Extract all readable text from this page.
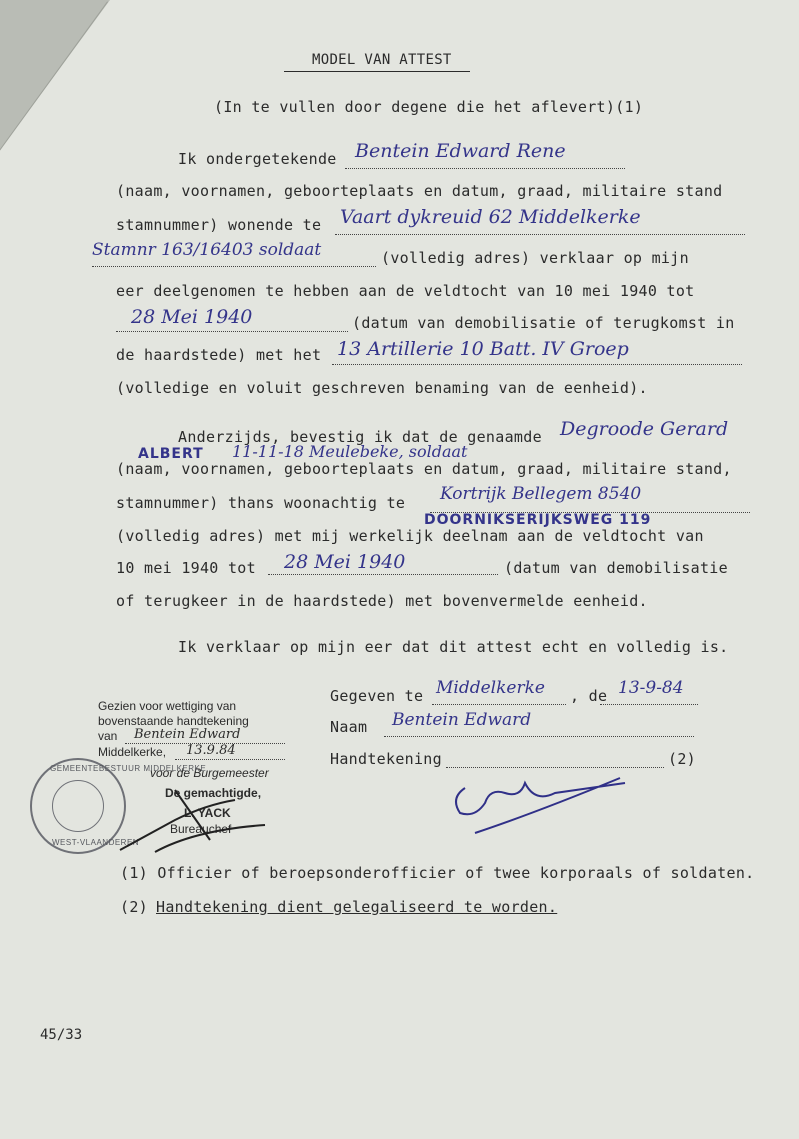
MODEL VAN ATTEST
(In te vullen door degene die het aflevert)(1)
Ik ondergetekende Bentein Edward Rene
(naam, voornamen, geboorteplaats en datum, graad, militaire stand
stamnummer) wonende te Vaart dykreuid 62 Middelkerke
Stamnr 163/16403 soldaat	(volledig adres) verklaar op mijn
eer deelgenomen te hebben aan de veldtocht van 10 mei 1940 tot
28 Mei 1940	(datum van demobilisatie of terugkomst in
de haardstede) met het 13 Artillerie 10 Batt. IV Groep
(volledige en voluit geschreven benaming van de eenheid).
Anderzijds, bevestig ik dat de genaamde Degroode Gerard
ALBERT 11-11-18 Meulebeke, soldaat
(naam, voornamen, geboorteplaats en datum, graad, militaire stand,
stamnummer) thans woonachtig te Kortrijk Bellegem 8540
DOORNIKSERIJKSWEG 119
(volledig adres) met mij werkelijk deelnam aan de veldtocht van
10 mei 1940 tot 28 Mei 1940	(datum van demobilisatie
of terugkeer in de haardstede) met bovenvermelde eenheid.
Ik verklaar op mijn eer dat dit attest echt en volledig is.
Gezien voor wettiging van
bovenstaande handtekening
van Bentein Edward
Middelkerke, 13.9.84
voor de Burgemeester
De gemachtigde,
L. YACK
Bureauchef
GEMEENTEBESTUUR MIDDELKERKE
WEST-VLAANDEREN
Gegeven te Middelkerke , de 13-9-84
Naam Bentein Edward
Handtekening	(2)
(1) Officier of beroepsonderofficier of twee korporaals of soldaten.
(2) Handtekening dient gelegaliseerd te worden.
45/33
